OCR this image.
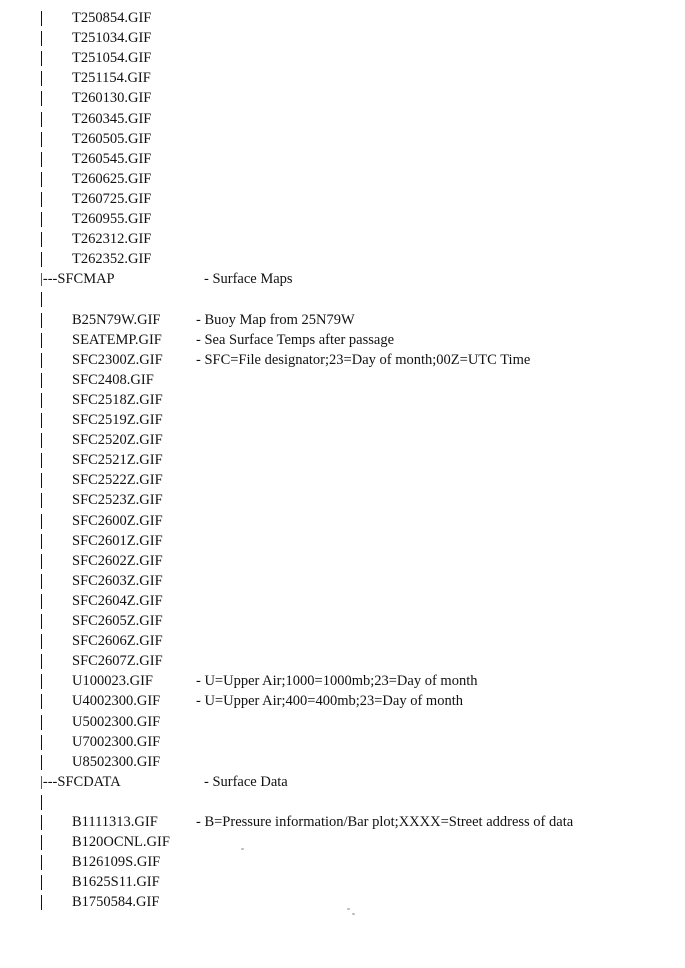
T250854.GIF
T251034.GIF
T251054.GIF
T251154.GIF
T260130.GIF
T260345.GIF
T260505.GIF
T260545.GIF
T260625.GIF
T260725.GIF
T260955.GIF
T262312.GIF
T262352.GIF
|---SFCMAP	- Surface Maps
B25N79W.GIF - Buoy Map from 25N79W
SEATEMP.GIF - Sea Surface Temps after passage
SFC2300Z.GIF - SFC=File designator;23=Day of month;00Z=UTC Time
SFC2408.GIF
SFC2518Z.GIF
SFC2519Z.GIF
SFC2520Z.GIF
SFC2521Z.GIF
SFC2522Z.GIF
SFC2523Z.GIF
SFC2600Z.GIF
SFC2601Z.GIF
SFC2602Z.GIF
SFC2603Z.GIF
SFC2604Z.GIF
SFC2605Z.GIF
SFC2606Z.GIF
SFC2607Z.GIF
U100023.GIF	- U=Upper Air;1000=1000mb;23=Day of month
U4002300.GIF - U=Upper Air;400=400mb;23=Day of month
U5002300.GIF
U7002300.GIF
U8502300.GIF
|---SFCDATA	- Surface Data
B1111313.GIF	- B=Pressure information/Bar plot;XXXX=Street address of data
B120OCNL.GIF
B126109S.GIF
B1625S11.GIF
B1750584.GIF
